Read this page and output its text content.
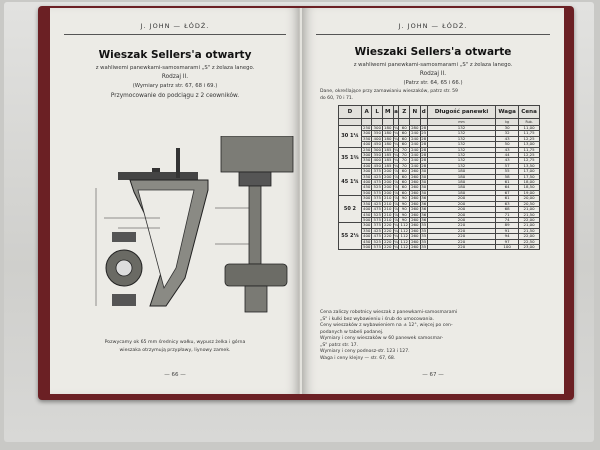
J. JOHN — ŁÓDŹ.
Wieszak Sellers'a otwarty
z wahliwemi panewkami-samosmarami „S" z żelaza lanego.
Rodzaj II.
(Wymiary patrz str. 67, 68 i 69.)
Przymocowanie do podciągu z 2 ceowników.
Pozwycamy ok 65 mm średnicy wałku, wypusz żelka i górna
wieszaka otrzymują przypławy, liynowy zamek.
— 66 —
J. JOHN — ŁÓDŹ.
Wieszaki Sellers'a otwarte
z wahliwemi panewkami-samosmarami „S" z żelaza lanego.
Rodzaj II.
(Patrz str. 64, 65 i 66.)
Dane, określające przy zamawianiu wieszaków, patrz str. 59
do 60, 70 i 71.
D	A	L	M	a	Z	N	d	Długość panewki	Waga	Cena
								mm	kg	Rub.
30 1¼	250	300	180	¾	60	280	28	132	30	11,00
	300	350	180	¾	60	240	25	132	32	11,75
	350	400	180	¾	60	240	28	132	43	12,25
	400	450	180	¾	60	240	28	132	50	13,00
35 1⅜	250	300	185	¾	70	240	28	132	43	11,75
	300	350	185	¾	70	240	28	132	44	12,25
	350	400	185	¾	70	240	28	132	43	12,75
	400	450	185	¾	70	240	28	132	57	13,50
45 1¾	300	375	200	⅞	60	260	30	180	55	17,00
	350	425	200	⅞	60	260	30	180	58	17,50
	400	475	200	⅞	60	260	30	180	61	18,00
	450	525	200	⅞	60	260	30	180	64	18,50
	500	575	200	⅞	60	260	30	180	67	19,00
50 2	300	375	210	⅞	90	260	36	200	61	20,00
	350	425	210	⅞	90	260	36	200	63	20,50
	400	475	210	⅞	90	260	36	200	68	21,00
	450	525	210	⅞	90	260	36	200	71	21,50
	500	575	210	⅞	90	260	36	200	74	22,00
55 2⅛	300	375	220	¾	112	260	35	220	89	21,00
	350	425	220	¾	112	260	35	220	91	21,50
	400	475	220	¾	112	260	35	220	94	22,00
	450	525	220	¾	112	260	35	220	97	22,50
	500	575	220	¾	112	260	35	220	100	23,00
Cena zaliczy robotnicy wieszak z panewkami-samosmarami
„S" i kulki bez wybawieniu i śrub do umocowania.
Ceny wieszaków z wybawieniem na ± 12°, więcej po cen-
podanych w tabeli podanej.
Wymiary i ceny wieszaków w 60 panewek samosmar-
„S" patrz str. 17.
Wymiary i ceny podnosz-str. 123 i 127.
Waga i ceny klejny — str. 67, 68.
— 67 —
